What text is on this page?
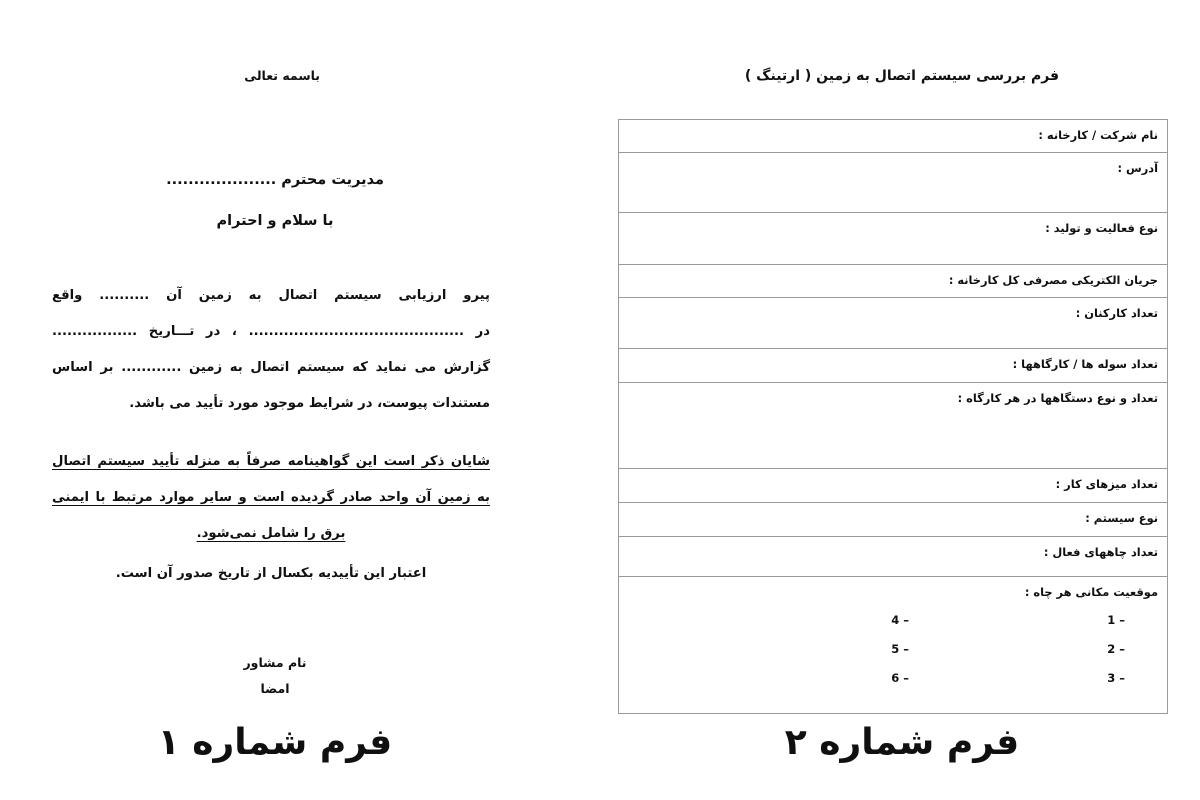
باسمه تعالی
مدیریت محترم ....................
با سلام و احترام

پیرو ارزیابی سیستم اتصال به زمین آن .......... واقع

در ........................................... ، در تـــاریخ .................

گزارش می نماید که سیستم اتصال به زمین ............ بر اساس

مستندات پیوست، در شرایط موجود مورد تأیید می باشد.

شایان ذکر است این گواهینامه صرفاً به منزله تأیید سیستم اتصال

به زمین آن واحد صادر گردیده است و سایر موارد مرتبط با ایمنی

برق را شامل نمی‌شود.

اعتبار این تأییدیه بکسال از تاریخ صدور آن است.
نام مشاور
امضا
فرم شماره ۱
فرم بررسی سیستم اتصال به زمین ( ارتینگ )
نام شرکت / کارخانه :
آدرس :
نوع فعالیت و تولید :
جریان الکتریکی مصرفی کل کارخانه :
تعداد کارکنان :
تعداد سوله ها / کارگاهها :
تعداد و نوع دستگاهها در هر کارگاه :
تعداد میزهای کار :
نوع سیستم :
تعداد چاههای فعال :
موقعیت مکانی هر چاه :
1 –
2 –
3 –
4 –
5 –
6 –
فرم شماره ۲
